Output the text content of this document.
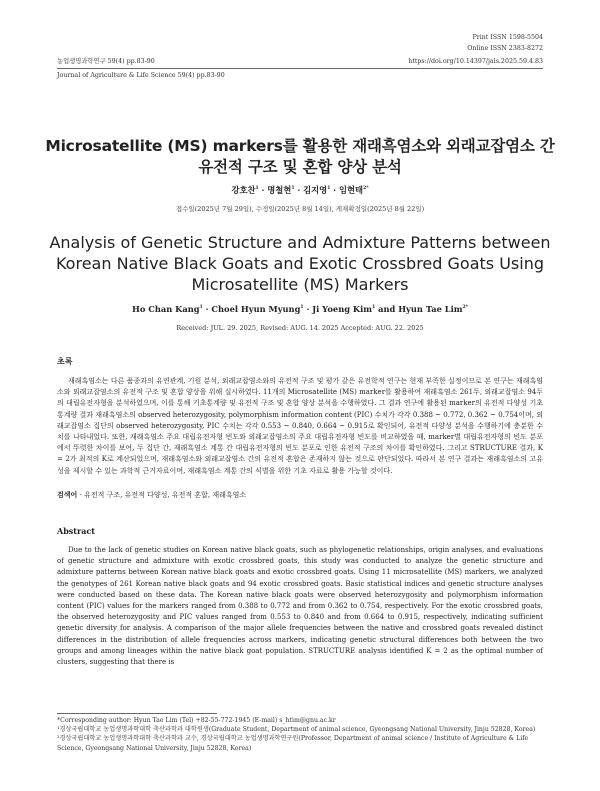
Print ISSN 1598-5504
Online ISSN 2383-8272
농업생명과학연구 59(4) pp.83-90	https://doi.org/10.14397/jals.2025.59.4.83
Journal of Agriculture & Life Science 59(4) pp.83-90
Microsatellite (MS) markers를 활용한 재래흑염소와 외래교잡염소 간
유전적 구조 및 혼합 양상 분석
강호찬$^1$ · 명철현$^1$ · 김지영$^1$ · 임현태$^{2*}$
접수일(2025년 7월 29일), 수정일(2025년 8월 14일), 게재확정일(2025년 8월 22일)
Analysis of Genetic Structure and Admixture Patterns between
Korean Native Black Goats and Exotic Crossbred Goats Using
Microsatellite (MS) Markers
Ho Chan Kang$^1$ · Choel Hyun Myung$^1$ · Ji Yoeng Kim$^1$ and Hyun Tae Lim$^{2*}$
Received: JUL. 29. 2025, Revised: AUG. 14. 2025 Accepted: AUG. 22. 2025
초록

재래흑염소는 다른 품종과의 유연관계, 기원 분석, 외래교잡염소와의 유전적 구조 및 평가 같은 유전학적 연구는 현재 부족한 실정이므로 본 연구는 재래흑염소와 외래교잡염소의 유전적 구조 및 혼합 양상을 위해 실시하였다. 11개의 Microsatellite (MS) marker를 활용하여 재래흑염소 261두, 외래교잡염소 94두의 대립유전자형을 분석하였으며, 이를 통해 기초통계량 및 유전적 구조 및 혼합 양상 분석을 수행하였다. 그 결과 연구에 활용된 marker의 유전적 다양성 기초통계량 결과 재래흑염소의 observed heterozygosity, polymorphism information content (PIC) 수치가 각각 0.388 ~ 0.772, 0.362 ~ 0.754이며, 외래교잡염소 집단의 observed heterozygosity, PIC 수치는 각각 0.553 ~ 0.840, 0.664 ~ 0.915로 확인되어, 유전적 다양성 분석을 수행하기에 충분한 수치를 나타내었다. 또한, 재래흑염소 주요 대립유전자형 빈도와 외래교잡염소의 주요 대립유전자형 빈도를 비교하였을 때, marker별 대립유전자형의 빈도 분포에서 뚜렷한 차이를 보여, 두 집단 간, 재래흑염소 계통 간 대립유전자형의 빈도 분포로 인한 유전적 구조의 차이를 확인하였다. 그리고 STRUCTURE 결과, K = 2가 최적의 K로 계산되었으며, 재래흑염소와 외래교잡염소 간의 유전적 혼합은 존재하지 않는 것으로 판단되었다. 따라서 본 연구 결과는 재래흑염소의 고유성을 제시할 수 있는 과학적 근거자료이며, 재래흑염소 계통 간의 식별을 위한 기초 자료로 활용 가능할 것이다.

검색어 - 유전적 구조, 유전적 다양성, 유전적 혼합, 재래흑염소
Abstract

Due to the lack of genetic studies on Korean native black goats, such as phylogenetic relationships, origin analyses, and evaluations of genetic structure and admixture with exotic crossbred goats, this study was conducted to analyze the genetic structure and admixture patterns between Korean native black goats and exotic crossbred goats. Using 11 microsatellite (MS) markers, we analyzed the genotypes of 261 Korean native black goats and 94 exotic crossbred goats. Basic statistical indices and genetic structure analyses were conducted based on these data. The Korean native black goats were observed heterozygosity and polymorphism information content (PIC) values for the markers ranged from 0.388 to 0.772 and from 0.362 to 0.754, respectively. For the exotic crossbred goats, the observed heterozygosity and PIC values ranged from 0.553 to 0.840 and from 0.664 to 0.915, respectively, indicating sufficient genetic diversity for analysis. A comparison of the major allele frequencies between the native and crossbred goats revealed distinct differences in the distribution of allele frequencies across markers, indicating genetic structural differences both between the two groups and among lineages within the native black goat population. STRUCTURE analysis identified K = 2 as the optimal number of clusters, suggesting that there is

*Corresponding author: Hyun Tae Lim (Tel) +82-55-772-1945 (E-mail) s_htim@gnu.ac.kr
¹경상국립대학교 농업생명과학대학 축산과학과 대학원생(Graduate Student, Department of animal science, Gyeongsang National University, Jinju 52828, Korea)
²경상국립대학교 농업생명과학대학 축산과학과 교수, 경상국립대학교 농업생명과학연구원(Professor, Department of animal science / Institute of Agriculture & Life Science, Gyeongsang National University, Jinju 52828, Korea)
